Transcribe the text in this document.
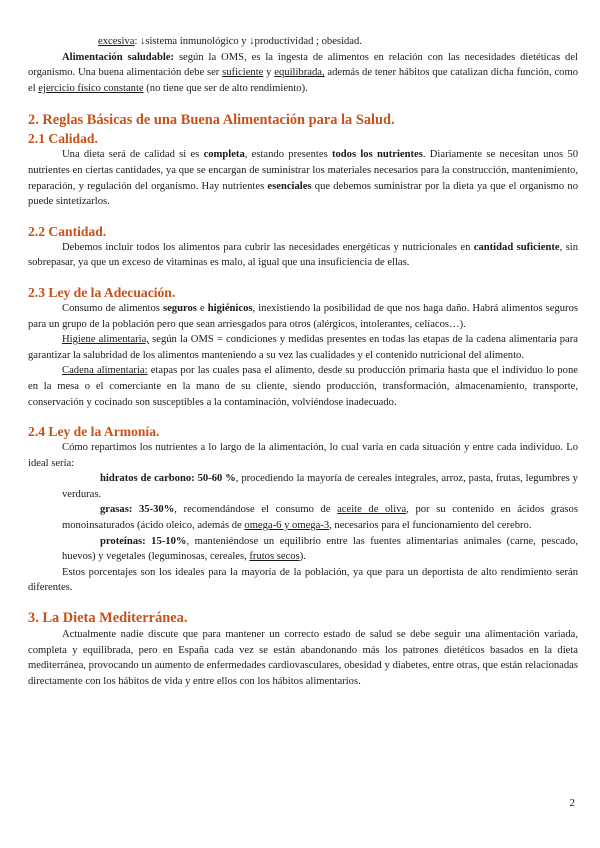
excesiva: ↓sistema inmunológico y ↓productividad ; obesidad.

Alimentación saludable: según la OMS, es la ingesta de alimentos en relación con las necesidades dietéticas del organismo. Una buena alimentación debe ser suficiente y equilibrada, además de tener hábitos que catalizan dicha función, como el ejercicio físico constante (no tiene que ser de alto rendimiento).

2. Reglas Básicas de una Buena Alimentación para la Salud.
2.1 Calidad.

Una dieta será de calidad si es completa, estando presentes todos los nutrientes. Diariamente se necesitan unos 50 nutrientes en ciertas cantidades, ya que se encargan de suministrar los materiales necesarios para la construcción, mantenimiento, reparación, y regulación del organismo. Hay nutrientes esenciales que debemos suministrar por la dieta ya que el organismo no puede sintetizarlos.

2.2 Cantidad.

Debemos incluir todos los alimentos para cubrir las necesidades energéticas y nutricionales en cantidad suficiente, sin sobrepasar, ya que un exceso de vitaminas es malo, al igual que una insuficiencia de ellas.

2.3 Ley de la Adecuación.

Consumo de alimentos seguros e higiénicos, inexistiendo la posibilidad de que nos haga daño. Habrá alimentos seguros para un grupo de la población pero que sean arriesgados para otros (alérgicos, intolerantes, celíacos…).

Higiene alimentaria, según la OMS = condiciones y medidas presentes en todas las etapas de la cadena alimentaria para garantizar la salubridad de los alimentos manteniendo a su vez las cualidades y el contenido nutricional del alimento.

Cadena alimentaria: etapas por las cuales pasa el alimento, desde su producción primaria hasta que el individuo lo pone en la mesa o el comerciante en la mano de su cliente, siendo producción, transformación, almacenamiento, transporte, conservación y cocinado son susceptibles a la contaminación, volviéndose inadecuado.

2.4 Ley de la Armonía.

Cómo repartimos los nutrientes a lo largo de la alimentación, lo cual varía en cada situación y entre cada individuo. Lo ideal sería:

hidratos de carbono: 50-60 %, procediendo la mayoría de cereales integrales, arroz, pasta, frutas, legumbres y verduras.

grasas: 35-30%, recomendándose el consumo de aceite de oliva, por su contenido en ácidos grasos monoinsaturados (ácido oleico, además de omega-6 y omega-3, necesarios para el funcionamiento del cerebro.

proteínas: 15-10%, manteniéndose un equilibrio entre las fuentes alimentarias animales (carne, pescado, huevos) y vegetales (leguminosas, cereales, frutos secos).

Estos porcentajes son los ideales para la mayoría de la población, ya que para un deportista de alto rendimiento serán diferentes.

3. La Dieta Mediterránea.

Actualmente nadie discute que para mantener un correcto estado de salud se debe seguir una alimentación variada, completa y equilibrada, pero en España cada vez se están abandonando más los patrones dietéticos basados en la dieta mediterránea, provocando un aumento de enfermedades cardiovasculares, obesidad y diabetes, entre otras, que están relacionadas directamente con los hábitos de vida y entre ellos con los hábitos alimentarios.

2
